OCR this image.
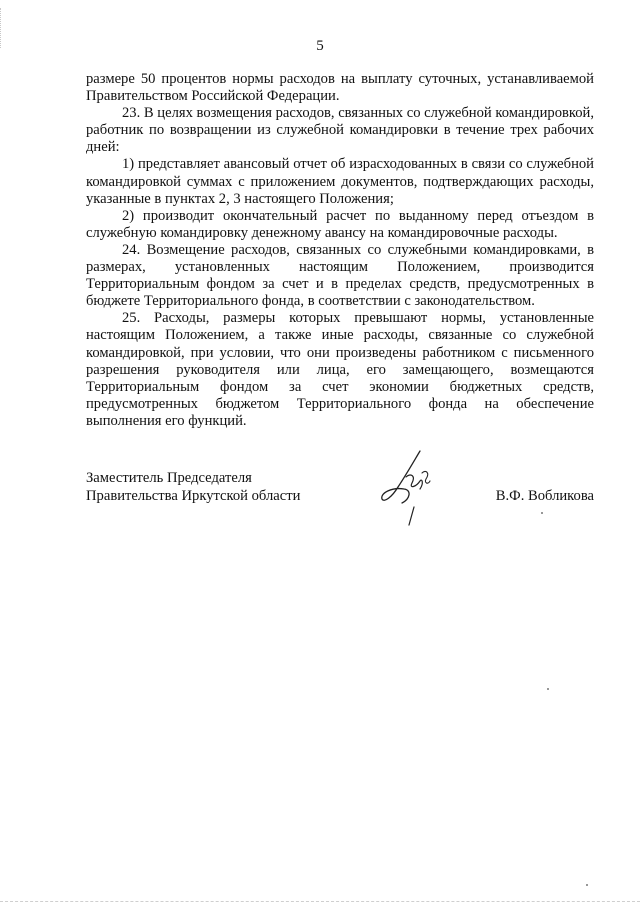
5

размере 50 процентов нормы расходов на выплату суточных, устанавливаемой Правительством Российской Федерации.

23. В целях возмещения расходов, связанных со служебной командировкой, работник по возвращении из служебной командировки в течение трех рабочих дней:

1) представляет авансовый отчет об израсходованных в связи со служебной командировкой суммах с приложением документов, подтверждающих расходы, указанные в пунктах 2, 3 настоящего Положения;

2) производит окончательный расчет по выданному перед отъездом в служебную командировку денежному авансу на командировочные расходы.

24. Возмещение расходов, связанных со служебными командировками, в размерах, установленных настоящим Положением, производится Территориальным фондом за счет и в пределах средств, предусмотренных в бюджете Территориального фонда, в соответствии с законодательством.

25. Расходы, размеры которых превышают нормы, установленные настоящим Положением, а также иные расходы, связанные со служебной командировкой, при условии, что они произведены работником с письменного разрешения руководителя или лица, его замещающего, возмещаются Территориальным фондом за счет экономии бюджетных средств, предусмотренных бюджетом Территориального фонда на обеспечение выполнения его функций.

Заместитель Председателя
Правительства Иркутской области	В.Ф. Вобликова
